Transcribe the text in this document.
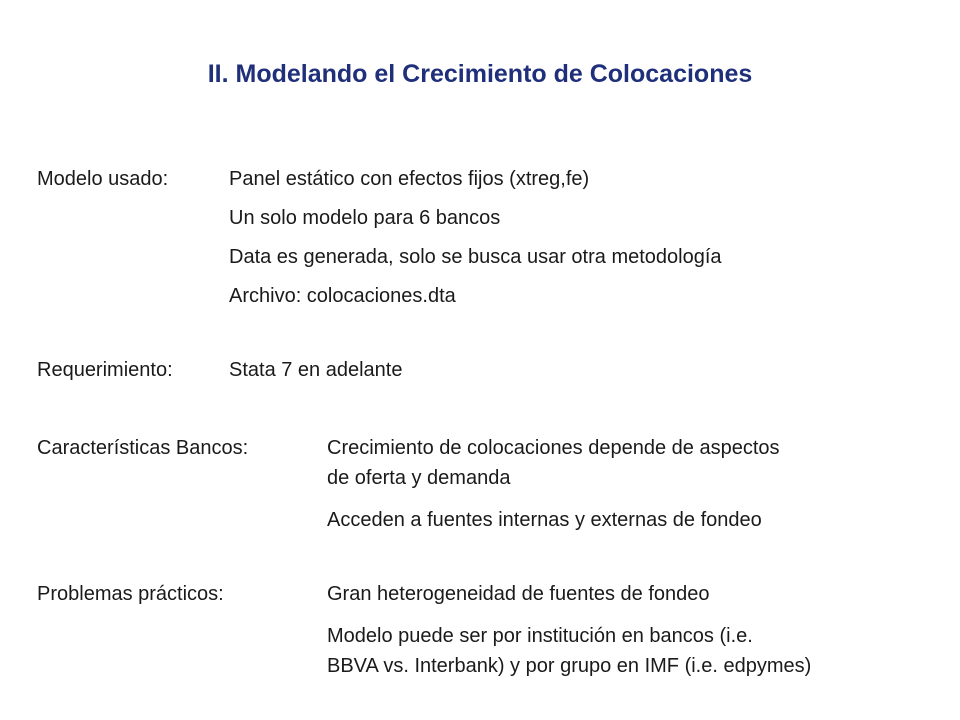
II. Modelando el Crecimiento de Colocaciones
Modelo usado:	Panel estático con efectos fijos (xtreg,fe)
Un solo modelo para 6 bancos
Data es generada, solo se busca usar otra metodología
Archivo: colocaciones.dta
Requerimiento:	Stata 7 en adelante
Características Bancos:	Crecimiento de colocaciones depende de aspectos
de oferta y demanda
Acceden a fuentes internas y externas de fondeo
Problemas prácticos:	Gran heterogeneidad de fuentes de fondeo
Modelo puede ser por institución en bancos (i.e.
BBVA vs. Interbank) y por grupo en IMF (i.e. edpymes)
